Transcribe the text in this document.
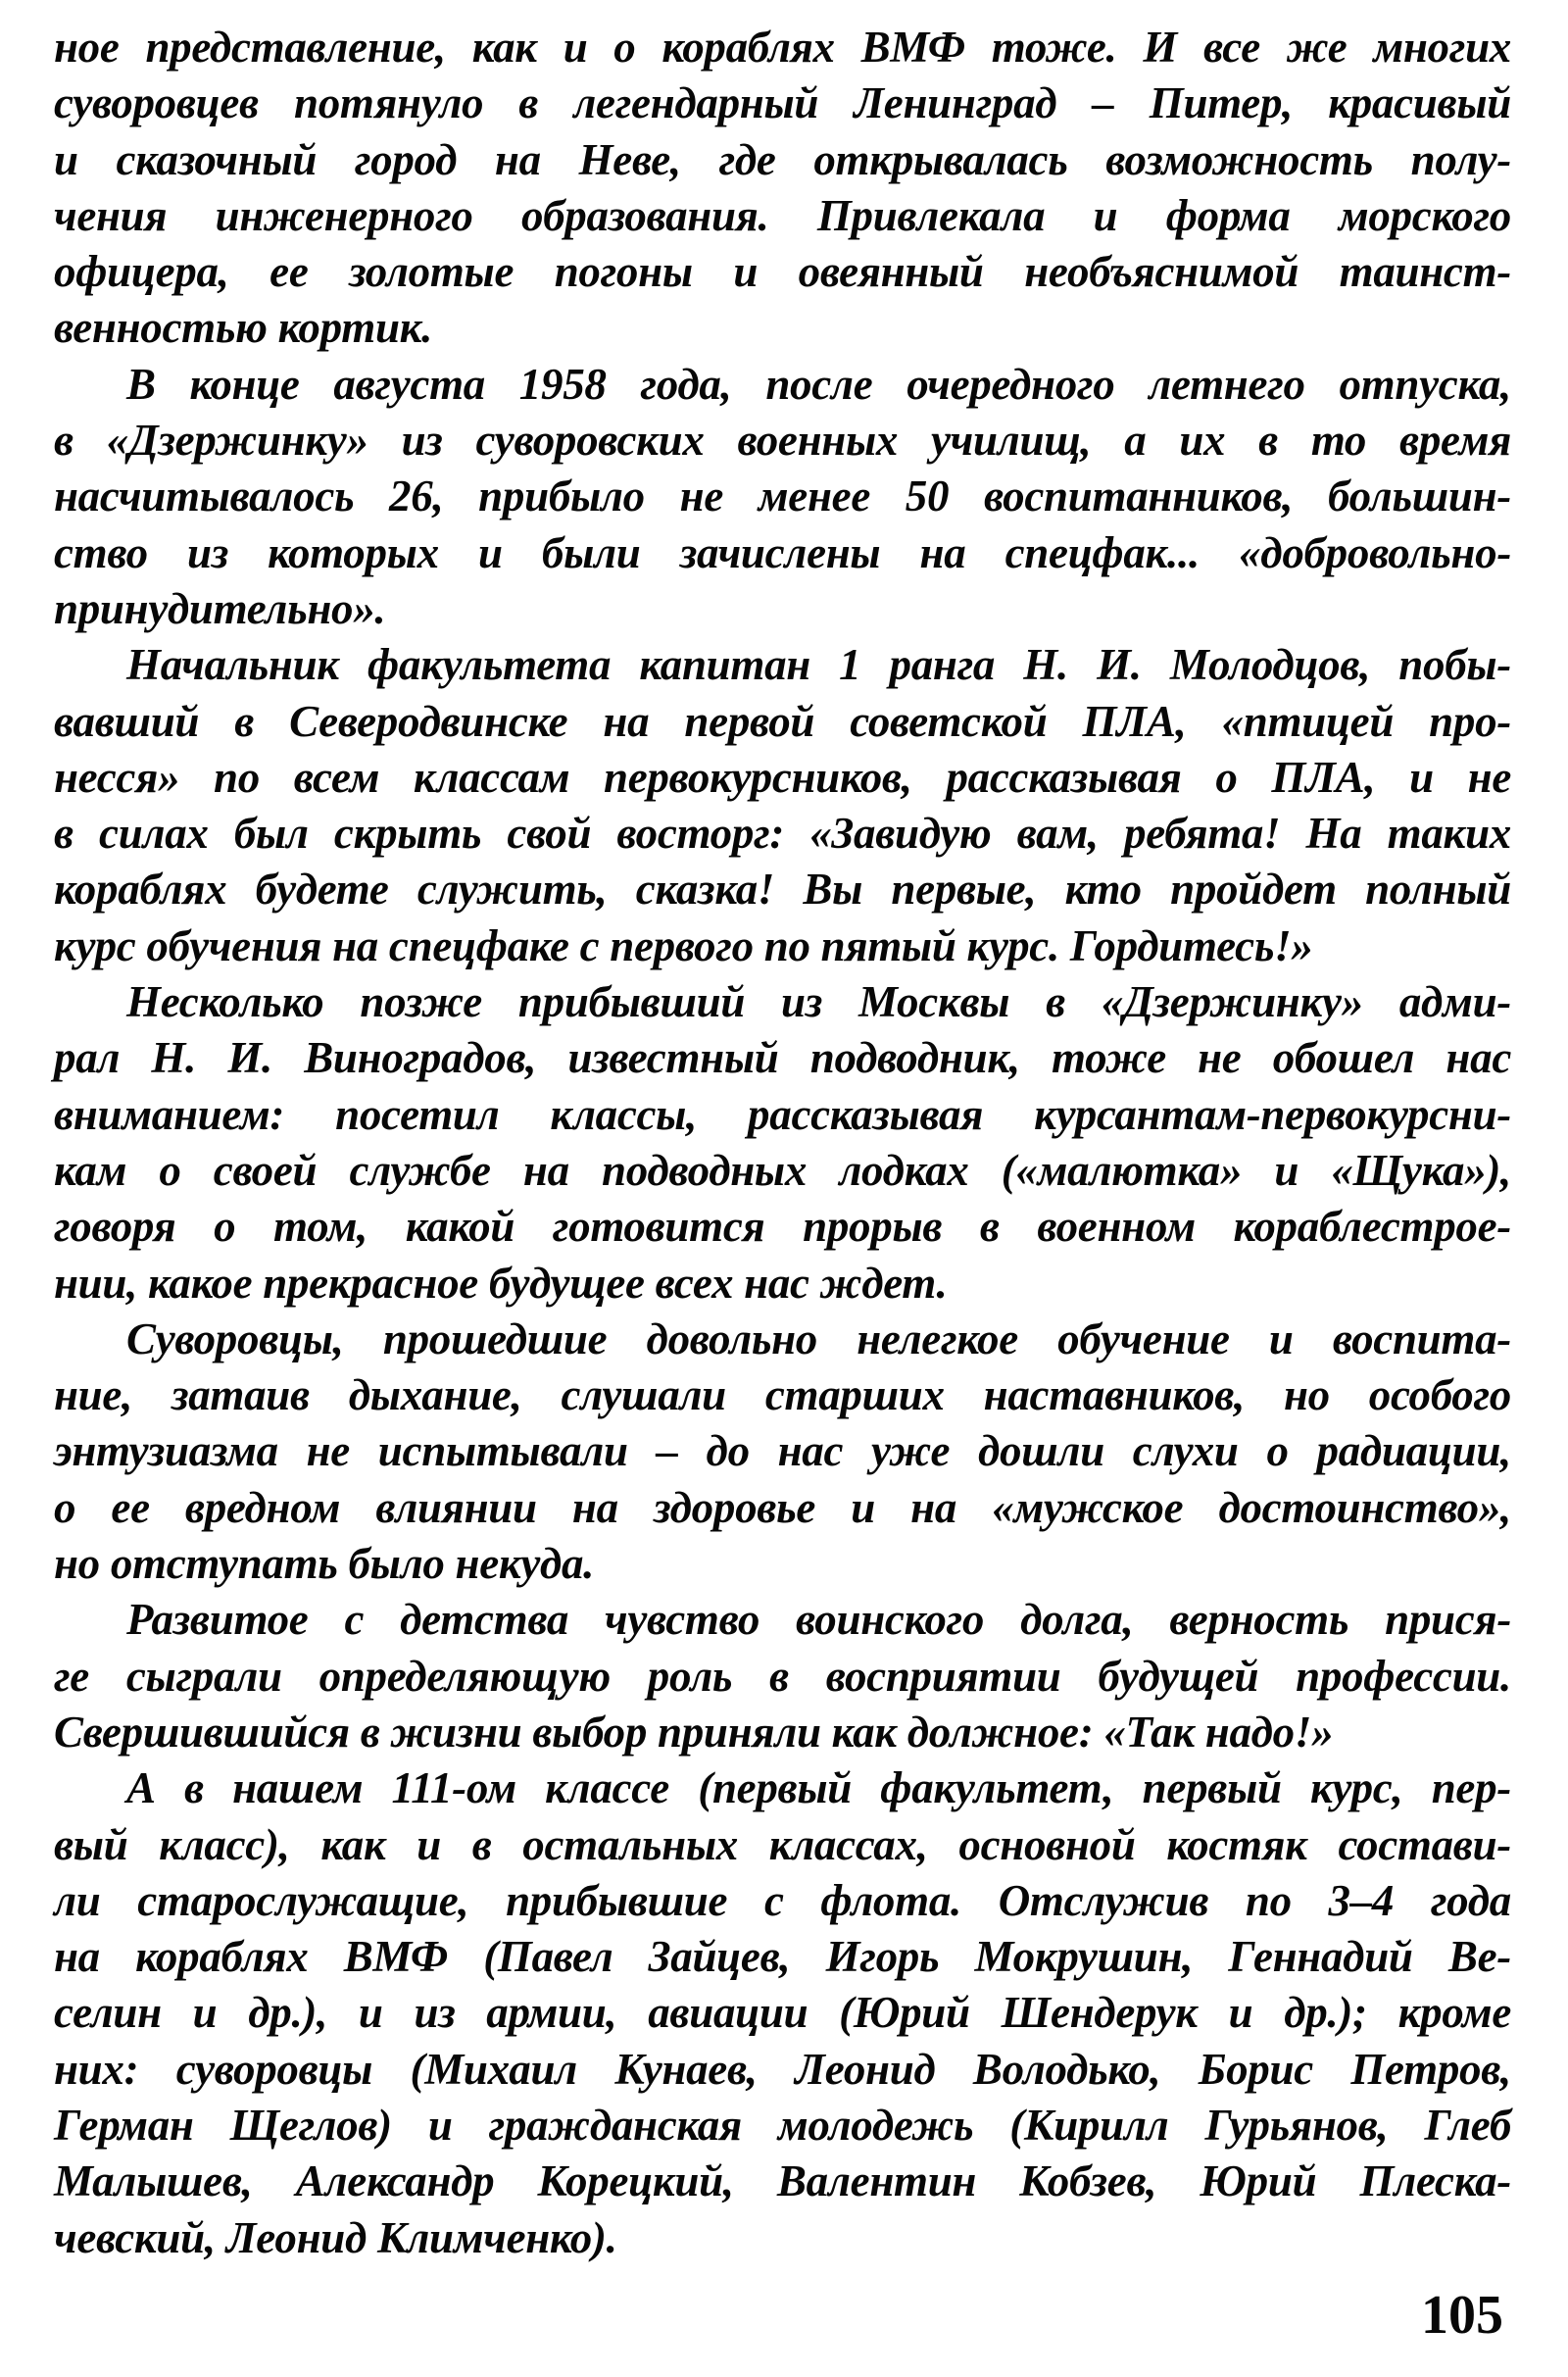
ное представление, как и о кораблях ВМФ тоже. И все же многих
суворовцев потянуло в легендарный Ленинград – Питер, красивый
и сказочный город на Неве, где открывалась возможность полу-
чения инженерного образования. Привлекала и форма морского
офицера, ее золотые погоны и овеянный необъяснимой таинст-
венностью кортик.
В конце августа 1958 года, после очередного летнего отпуска,
в «Дзержинку» из суворовских военных училищ, а их в то время
насчитывалось 26, прибыло не менее 50 воспитанников, большин-
ство из которых и были зачислены на спецфак... «добровольно-
принудительно».
Начальник факультета капитан 1 ранга Н. И. Молодцов, побы-
вавший в Северодвинске на первой советской ПЛА, «птицей про-
несся» по всем классам первокурсников, рассказывая о ПЛА, и не
в силах был скрыть свой восторг: «Завидую вам, ребята! На таких
кораблях будете служить, сказка! Вы первые, кто пройдет полный
курс обучения на спецфаке с первого по пятый курс. Гордитесь!»
Несколько позже прибывший из Москвы в «Дзержинку» адми-
рал Н. И. Виноградов, известный подводник, тоже не обошел нас
вниманием: посетил классы, рассказывая курсантам-первокурсни-
кам о своей службе на подводных лодках («малютка» и «Щука»),
говоря о том, какой готовится прорыв в военном кораблестрое-
нии, какое прекрасное будущее всех нас ждет.
Суворовцы, прошедшие довольно нелегкое обучение и воспита-
ние, затаив дыхание, слушали старших наставников, но особого
энтузиазма не испытывали – до нас уже дошли слухи о радиации,
о ее вредном влиянии на здоровье и на «мужское достоинство»,
но отступать было некуда.
Развитое с детства чувство воинского долга, верность прися-
ге сыграли определяющую роль в восприятии будущей профессии.
Свершившийся в жизни выбор приняли как должное: «Так надо!»
А в нашем 111-ом классе (первый факультет, первый курс, пер-
вый класс), как и в остальных классах, основной костяк состави-
ли старослужащие, прибывшие с флота. Отслужив по 3–4 года
на кораблях ВМФ (Павел Зайцев, Игорь Мокрушин, Геннадий Ве-
селин и др.), и из армии, авиации (Юрий Шендерук и др.); кроме
них: суворовцы (Михаил Кунаев, Леонид Володько, Борис Петров,
Герман Щеглов) и гражданская молодежь (Кирилл Гурьянов, Глеб
Малышев, Александр Корецкий, Валентин Кобзев, Юрий Плеска-
чевский, Леонид Климченко).
105
